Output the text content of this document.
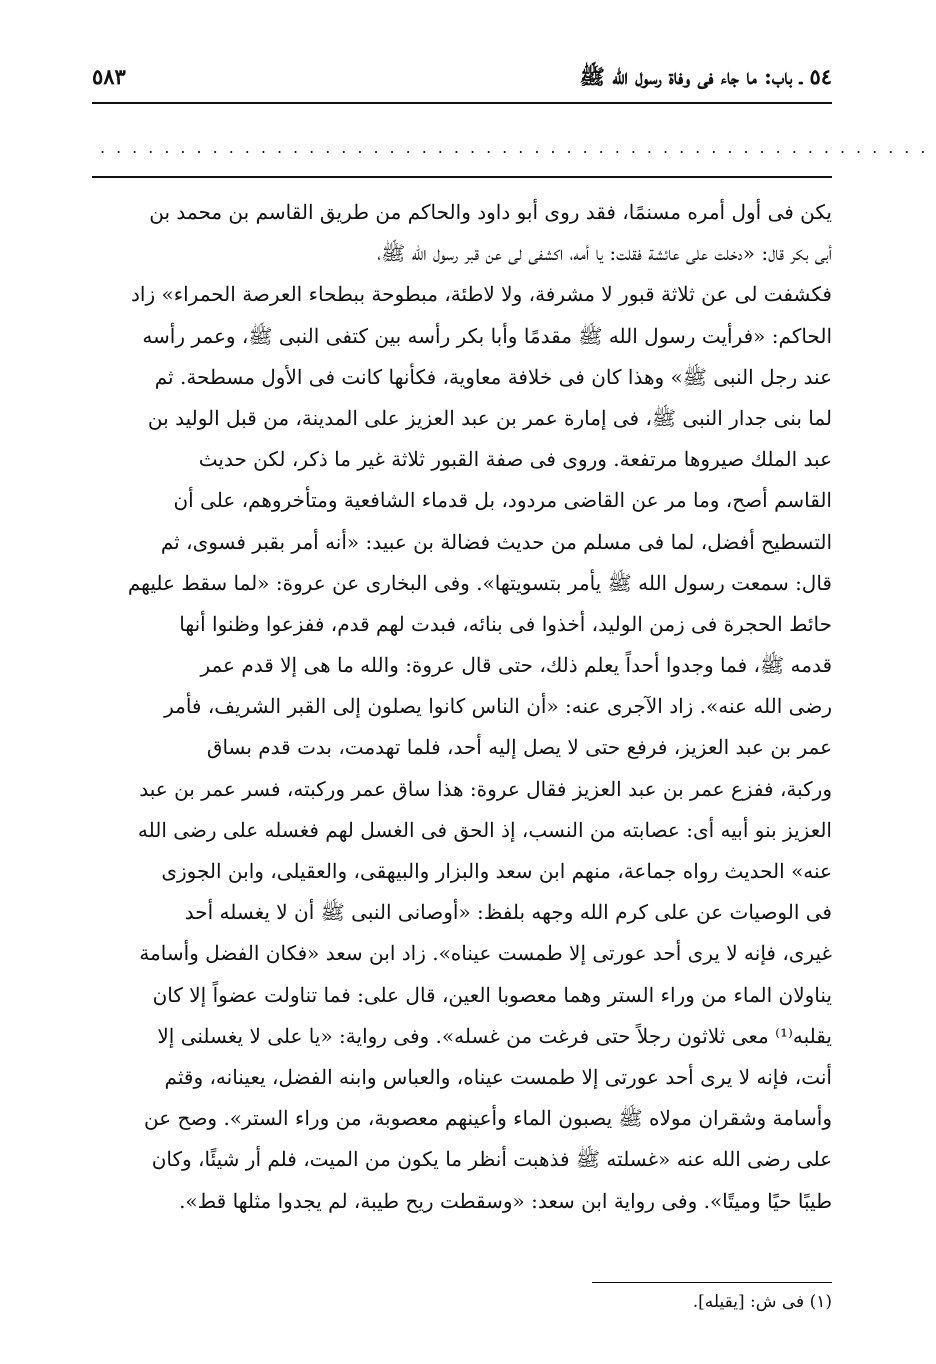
٥٤ ـ باب: ما جاء فى وفاة رسول الله ﷺ
٥٨٣
....................................................
يكن فى أول أمره مسنمًا، فقد روى أبو داود والحاكم من طريق القاسم بن محمد بن
أبى بكر قال: «دخلت على عائشة فقلت: يا أمه، اكشفى لى عن قبر رسول الله ﷺ،
فكشفت لى عن ثلاثة قبور لا مشرفة، ولا لاطئة، مبطوحة ببطحاء العرصة الحمراء» زاد
الحاكم: «فرأيت رسول الله ﷺ مقدمًا وأبا بكر رأسه بين كتفى النبى ﷺ، وعمر رأسه
عند رجل النبى ﷺ» وهذا كان فى خلافة معاوية، فكأنها كانت فى الأول مسطحة. ثم
لما بنى جدار النبى ﷺ، فى إمارة عمر بن عبد العزيز على المدينة، من قبل الوليد بن
عبد الملك صيروها مرتفعة. وروى فى صفة القبور ثلاثة غير ما ذكر، لكن حديث
القاسم أصح، وما مر عن القاضى مردود، بل قدماء الشافعية ومتأخروهم، على أن
التسطيح أفضل، لما فى مسلم من حديث فضالة بن عبيد: «أنه أمر بقبر فسوى، ثم
قال: سمعت رسول الله ﷺ يأمر بتسويتها». وفى البخارى عن عروة: «لما سقط عليهم
حائط الحجرة فى زمن الوليد، أخذوا فى بنائه، فبدت لهم قدم، ففزعوا وظنوا أنها
قدمه ﷺ، فما وجدوا أحداً يعلم ذلك، حتى قال عروة: والله ما هى إلا قدم عمر
رضى الله عنه». زاد الآجرى عنه: «أن الناس كانوا يصلون إلى القبر الشريف، فأمر
عمر بن عبد العزيز، فرفع حتى لا يصل إليه أحد، فلما تهدمت، بدت قدم بساق
وركبة، ففزع عمر بن عبد العزيز فقال عروة: هذا ساق عمر وركبته، فسر عمر بن عبد
العزيز بنو أبيه أى: عصابته من النسب، إذ الحق فى الغسل لهم فغسله على رضى الله
عنه» الحديث رواه جماعة، منهم ابن سعد والبزار والبيهقى، والعقيلى، وابن الجوزى
فى الوصيات عن على كرم الله وجهه بلفظ: «أوصانى النبى ﷺ أن لا يغسله أحد
غيرى، فإنه لا يرى أحد عورتى إلا طمست عيناه». زاد ابن سعد «فكان الفضل وأسامة
يناولان الماء من وراء الستر وهما معصوبا العين، قال على: فما تناولت عضواً إلا كان
يقلبه⁽¹⁾ معى ثلاثون رجلاً حتى فرغت من غسله». وفى رواية: «يا على لا يغسلنى إلا
أنت، فإنه لا يرى أحد عورتى إلا طمست عيناه، والعباس وابنه الفضل، يعينانه، وقثم
وأسامة وشقران مولاه ﷺ يصبون الماء وأعينهم معصوبة، من وراء الستر». وصح عن
على رضى الله عنه «غسلته ﷺ فذهبت أنظر ما يكون من الميت، فلم أر شيئًا، وكان
طيبًا حيًا وميتًا». وفى رواية ابن سعد: «وسقطت ريح طيبة، لم يجدوا مثلها قط».
(١) فى ش: [يقيله].
